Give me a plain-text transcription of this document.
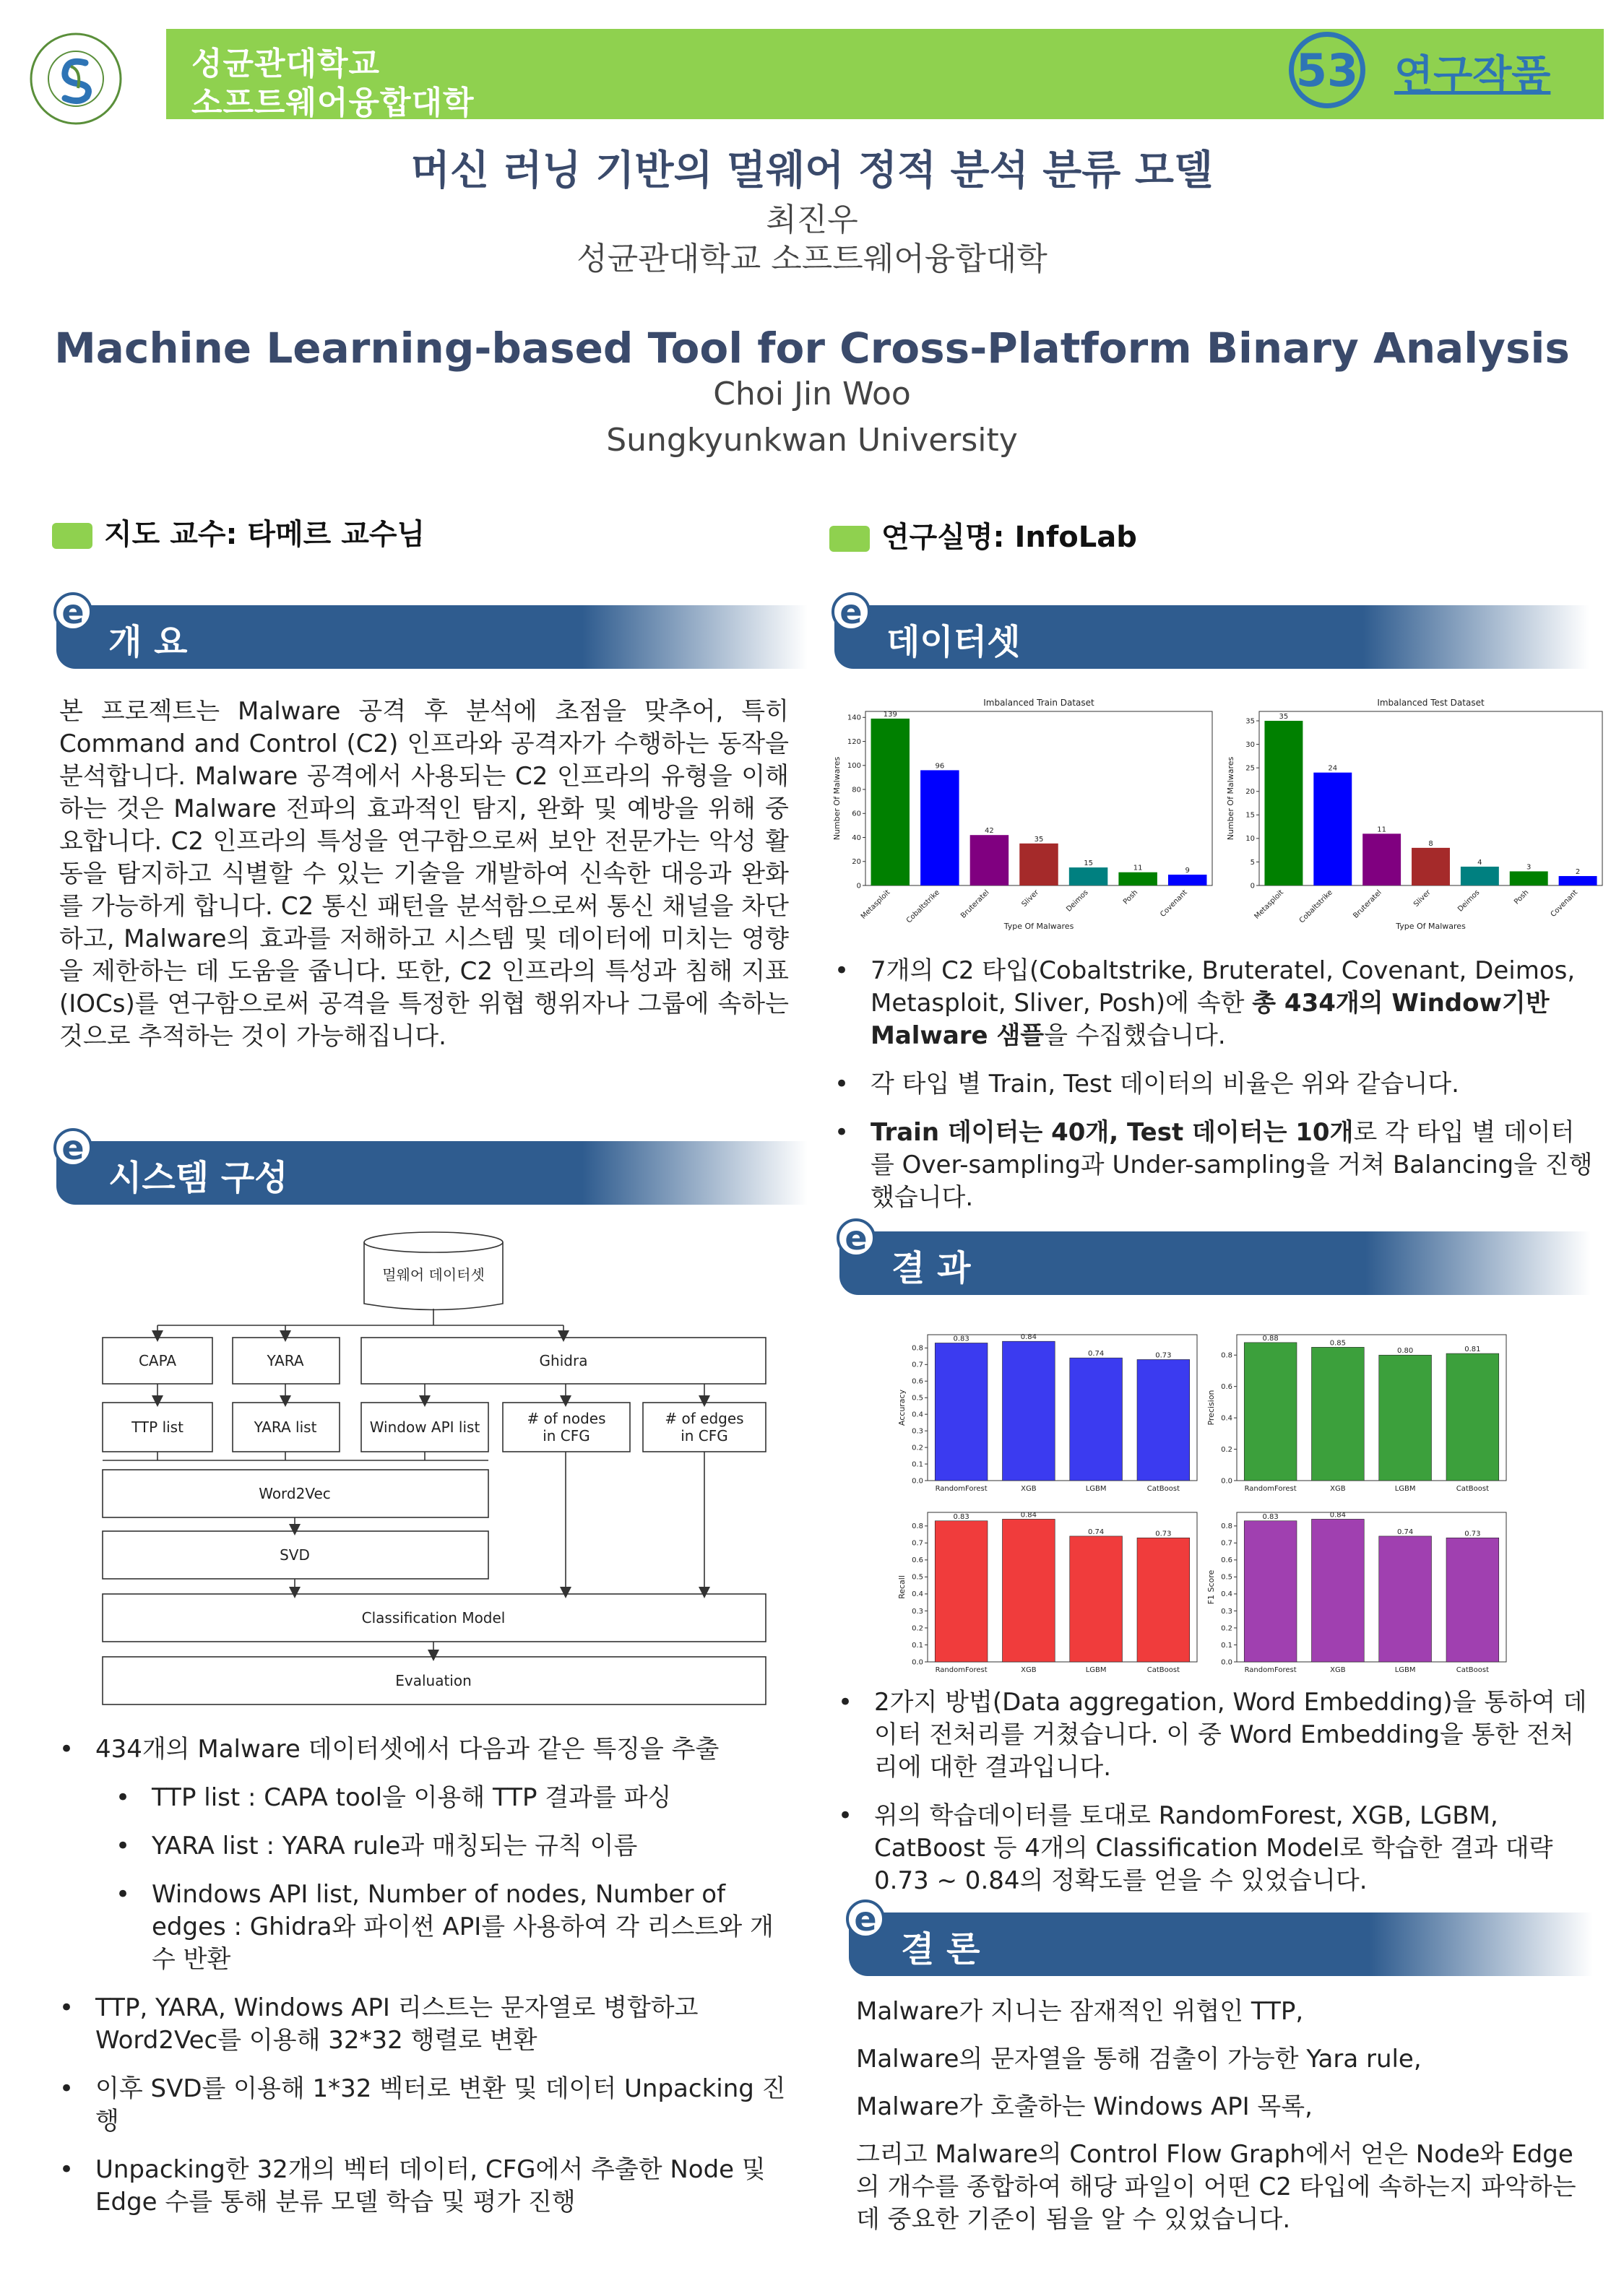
성균관대학교
소프트웨어융합대학
53 연구작품
머신 러닝 기반의 멀웨어 정적 분석 분류 모델
최진우
성균관대학교 소프트웨어융합대학
Machine Learning-based Tool for Cross-Platform Binary Analysis
Choi Jin Woo
Sungkyunkwan University
지도 교수: 타메르 교수님	연구실명: InfoLab
e
개 요
본 프로젝트는 Malware 공격 후 분석에 초점을 맞추어, 특히 Command and Control (C2) 인프라와 공격자가 수행하는 동작을 분석합니다. Malware 공격에서 사용되는 C2 인프라의 유형을 이해하는 것은 Malware 전파의 효과적인 탐지, 완화 및 예방을 위해 중요합니다. C2 인프라의 특성을 연구함으로써 보안 전문가는 악성 활동을 탐지하고 식별할 수 있는 기술을 개발하여 신속한 대응과 완화를 가능하게 합니다. C2 통신 패턴을 분석함으로써 통신 채널을 차단하고, Malware의 효과를 저해하고 시스템 및 데이터에 미치는 영향을 제한하는 데 도움을 줍니다. 또한, C2 인프라의 특성과 침해 지표(IOCs)를 연구함으로써 공격을 특정한 위협 행위자나 그룹에 속하는 것으로 추적하는 것이 가능해집니다.
e
시스템 구성
멀웨어 데이터셋
CAPA	YARA	Ghidra
TTP list	YARA list	Window API list	# of nodes
in CFG
# of edges
in CFG
Word2Vec
SVD
Classification Model
Evaluation
• 434개의 Malware 데이터셋에서 다음과 같은 특징을 추출
• TTP list : CAPA tool을 이용해 TTP 결과를 파싱
• YARA list : YARA rule과 매칭되는 규칙 이름
• Windows API list, Number of nodes, Number of edges : Ghidra와 파이썬 API를 사용하여 각 리스트와 개수 반환
• TTP, YARA, Windows API 리스트는 문자열로 병합하고 Word2Vec를 이용해 32*32 행렬로 변환
• 이후 SVD를 이용해 1*32 벡터로 변환 및 데이터 Unpacking 진행
• Unpacking한 32개의 벡터 데이터, CFG에서 추출한 Node 및 Edge 수를 통해 분류 모델 학습 및 평가 진행
e
데이터셋
Imbalanced Train Dataset
0
20
40
60
80
100
120
140	139
Metasploit
96
Cobaltstrike
42
Bruteratel
35
Sliver
15
Deimos
11
Posh
9
Covenant
Type Of Malwares
Number Of Malwares
Imbalanced Test Dataset
0
5
10
15
20
25
30
35
35
Metasploit
24
Cobaltstrike
11
Bruteratel
8
Sliver
4
Deimos
3
Posh
2
Covenant
Type Of Malwares
Number Of Malwares
• 7개의 C2 타입(Cobaltstrike, Bruteratel, Covenant, Deimos, Metasploit, Sliver, Posh)에 속한 총 434개의 Window기반 Malware 샘플을 수집했습니다.
• 각 타입 별 Train, Test 데이터의 비율은 위와 같습니다.
• Train 데이터는 40개, Test 데이터는 10개로 각 타입 별 데이터를 Over-sampling과 Under-sampling을 거쳐 Balancing을 진행했습니다.
e
결 과
0.0
0.1
0.2
0.3
0.4
0.5
0.6
0.7
0.8
0.83
RandomForest
0.84
XGB
0.74
LGBM
0.73
CatBoost
Accuracy
0.0
0.2
0.4
0.6
0.8
0.88
RandomForest
0.85
XGB
0.80
LGBM
0.81
CatBoost
Precision
0.0
0.1
0.2
0.3
0.4
0.5
0.6
0.7
0.8
0.83
RandomForest
0.84
XGB
0.74
LGBM
0.73
CatBoost
Recall
0.0
0.1
0.2
0.3
0.4
0.5
0.6
0.7
0.8
0.83
RandomForest
0.84
XGB
0.74
LGBM
0.73
CatBoost
F1 Score
• 2가지 방법(Data aggregation, Word Embedding)을 통하여 데이터 전처리를 거쳤습니다. 이 중 Word Embedding을 통한 전처리에 대한 결과입니다.
• 위의 학습데이터를 토대로 RandomForest, XGB, LGBM, CatBoost 등 4개의 Classification Model로 학습한 결과 대략 0.73 ~ 0.84의 정확도를 얻을 수 있었습니다.
e
결 론
Malware가 지니는 잠재적인 위협인 TTP,
Malware의 문자열을 통해 검출이 가능한 Yara rule,
Malware가 호출하는 Windows API 목록,
그리고 Malware의 Control Flow Graph에서 얻은 Node와 Edge의 개수를 종합하여 해당 파일이 어떤 C2 타입에 속하는지 파악하는데 중요한 기준이 됨을 알 수 있었습니다.
